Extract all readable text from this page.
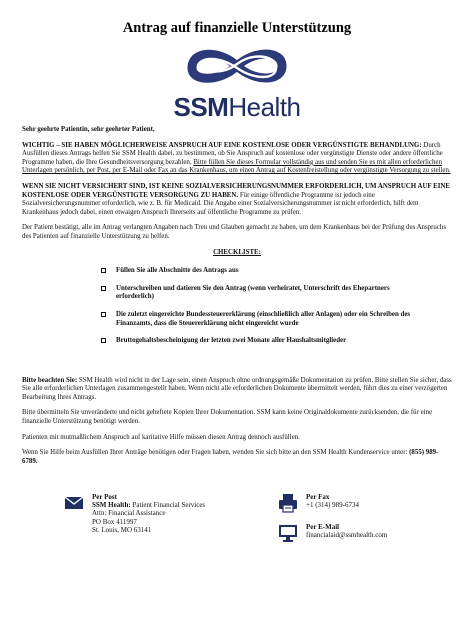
Antrag auf finanzielle Unterstützung
SSMHealth

Sehr geehrte Patientin, sehr geehrter Patient,

WICHTIG – SIE HABEN MÖGLICHERWEISE ANSPRUCH AUF EINE KOSTENLOSE ODER VERGÜNSTIGTE BEHANDLUNG: Durch Ausfüllen dieses Antrags helfen Sie SSM Health dabei, zu bestimmen, ob Sie Anspruch auf kostenlose oder vergünstigte Dienste oder andere öffentliche Programme haben, die Ihre Gesundheitsversorgung bezahlen. Bitte füllen Sie dieses Formular vollständig aus und senden Sie es mit allen erforderlichen Unterlagen persönlich, per Post, per E-Mail oder Fax an das Krankenhaus, um einen Antrag auf Kostenfreistellung oder vergünstigte Versorgung zu stellen.

WENN SIE NICHT VERSICHERT SIND, IST KEINE SOZIALVERSICHERUNGSNUMMER ERFORDERLICH, UM ANSPRUCH AUF EINE KOSTENLOSE ODER VERGÜNSTIGTE VERSORGUNG ZU HABEN. Für einige öffentliche Programme ist jedoch eine Sozialversicherungsnummer erforderlich, wie z. B. für Medicaid. Die Angabe einer Sozialversicherungsnummer ist nicht erforderlich, hilft dem Krankenhaus jedoch dabei, einen etwaigen Anspruch Ihrerseits auf öffentliche Programme zu prüfen.

Der Patient bestätigt, alle im Antrag verlangten Angaben nach Treu und Glauben gemacht zu haben, um dem Krankenhaus bei der Prüfung des Anspruchs des Patienten auf finanzielle Unterstützung zu helfen.

CHECKLISTE:
Füllen Sie alle Abschnitte des Antrags aus
Unterschreiben und datieren Sie den Antrag (wenn verheiratet, Unterschrift des Ehepartners erforderlich)
Die zuletzt eingereichte Bundessteuererklärung (einschließlich aller Anlagen) oder ein Schreiben des Finanzamts, dass die Steuererklärung nicht eingereicht wurde
Bruttogehaltsbescheinigung der letzten zwei Monate aller Haushaltsmitglieder

Bitte beachten Sie: SSM Health wird nicht in der Lage sein, einen Anspruch ohne ordnungsgemäße Dokumentation zu prüfen. Bitte stellen Sie sicher, dass Sie alle erforderlichen Unterlagen zusammengestellt haben. Wenn nicht alle erforderlichen Dokumente übermittelt werden, führt dies zu einer verzögerten Bearbeitung Ihres Antrags.

Bitte übermitteln Sie unveränderte und nicht geheftete Kopien Ihrer Dokumentation. SSM kann keine Originaldokumente zurücksenden, die für eine finanzielle Unterstützung benötigt werden.

Patienten mit mutmaßlichem Anspruch auf karitative Hilfe müssen diesen Antrag dennoch ausfüllen.

Wenn Sie Hilfe beim Ausfüllen Ihrer Anträge benötigen oder Fragen haben, wenden Sie sich bitte an den SSM Health Kundenservice unter: (855) 989-6789.

Per Post
SSM Health: Patient Financial Services
Attn: Financial Assistance
PO Box 411997
St. Louis, MO 63141
Per Fax
+1 (314) 989-6734
Per E-Mail
financialaid@ssmhealth.com
